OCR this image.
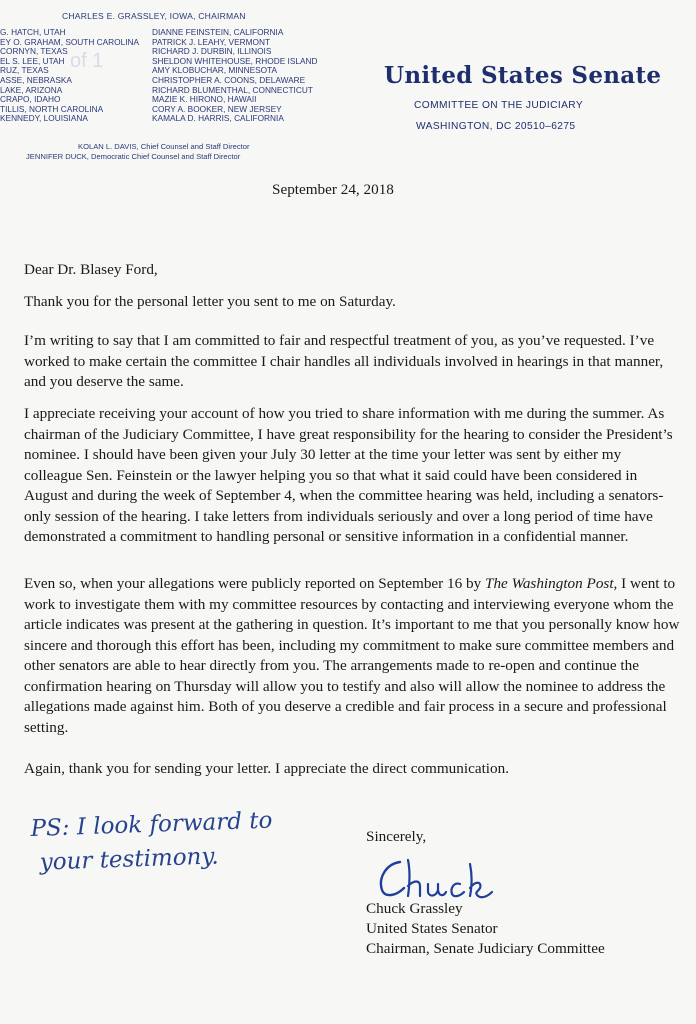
CHARLES E. GRASSLEY, IOWA, CHAIRMAN
G. HATCH, UTAH
EY O. GRAHAM, SOUTH CAROLINA
CORNYN, TEXAS
EL S. LEE, UTAH
RUZ, TEXAS
ASSE, NEBRASKA
LAKE, ARIZONA
CRAPO, IDAHO
TILLIS, NORTH CAROLINA
KENNEDY, LOUISIANA
of 1
DIANNE FEINSTEIN, CALIFORNIA
PATRICK J. LEAHY, VERMONT
RICHARD J. DURBIN, ILLINOIS
SHELDON WHITEHOUSE, RHODE ISLAND
AMY KLOBUCHAR, MINNESOTA
CHRISTOPHER A. COONS, DELAWARE
RICHARD BLUMENTHAL, CONNECTICUT
MAZIE K. HIRONO, HAWAII
CORY A. BOOKER, NEW JERSEY
KAMALA D. HARRIS, CALIFORNIA
KOLAN L. DAVIS, Chief Counsel and Staff Director
JENNIFER DUCK, Democratic Chief Counsel and Staff Director
United States Senate
COMMITTEE ON THE JUDICIARY
WASHINGTON, DC 20510–6275
September 24, 2018
Dear Dr. Blasey Ford,
Thank you for the personal letter you sent to me on Saturday.
I’m writing to say that I am committed to fair and respectful treatment of you, as you’ve requested. I’ve worked to make certain the committee I chair handles all individuals involved in hearings in that manner, and you deserve the same.
I appreciate receiving your account of how you tried to share information with me during the summer. As chairman of the Judiciary Committee, I have great responsibility for the hearing to consider the President’s nominee. I should have been given your July 30 letter at the time your letter was sent by either my colleague Sen. Feinstein or the lawyer helping you so that what it said could have been considered in August and during the week of September 4, when the committee hearing was held, including a senators-only session of the hearing. I take letters from individuals seriously and over a long period of time have demonstrated a commitment to handling personal or sensitive information in a confidential manner.
Even so, when your allegations were publicly reported on September 16 by The Washington Post, I went to work to investigate them with my committee resources by contacting and interviewing everyone whom the article indicates was present at the gathering in question. It’s important to me that you personally know how sincere and thorough this effort has been, including my commitment to make sure committee members and other senators are able to hear directly from you. The arrangements made to re-open and continue the confirmation hearing on Thursday will allow you to testify and also will allow the nominee to address the allegations made against him. Both of you deserve a credible and fair process in a secure and professional setting.
Again, thank you for sending your letter. I appreciate the direct communication.
PS: I look forward to
your testimony.
Sincerely,
Chuck Grassley
United States Senator
Chairman, Senate Judiciary Committee
